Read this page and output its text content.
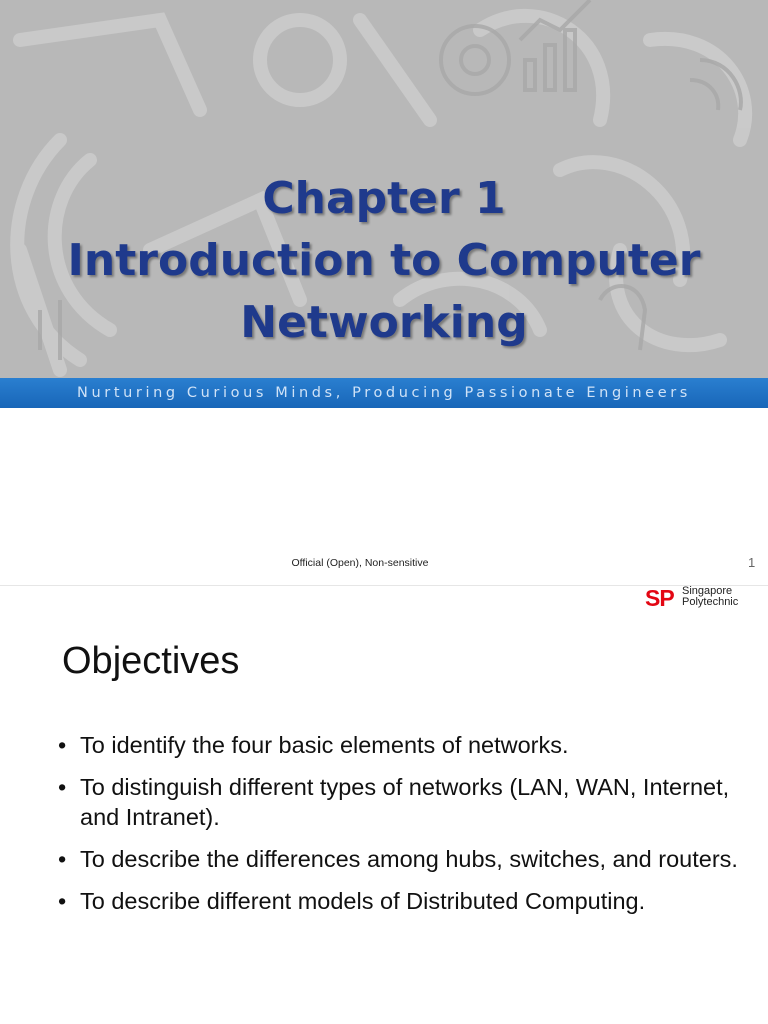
Chapter 1
Introduction to Computer
Networking
Nurturing Curious Minds, Producing Passionate Engineers
Official (Open), Non-sensitive	1
SP Singapore
Polytechnic
Objectives
• To identify the four basic elements of networks.
• To distinguish different types of networks (LAN, WAN, Internet, and Intranet).
• To describe the differences among hubs, switches, and routers.
• To describe different models of Distributed Computing.
